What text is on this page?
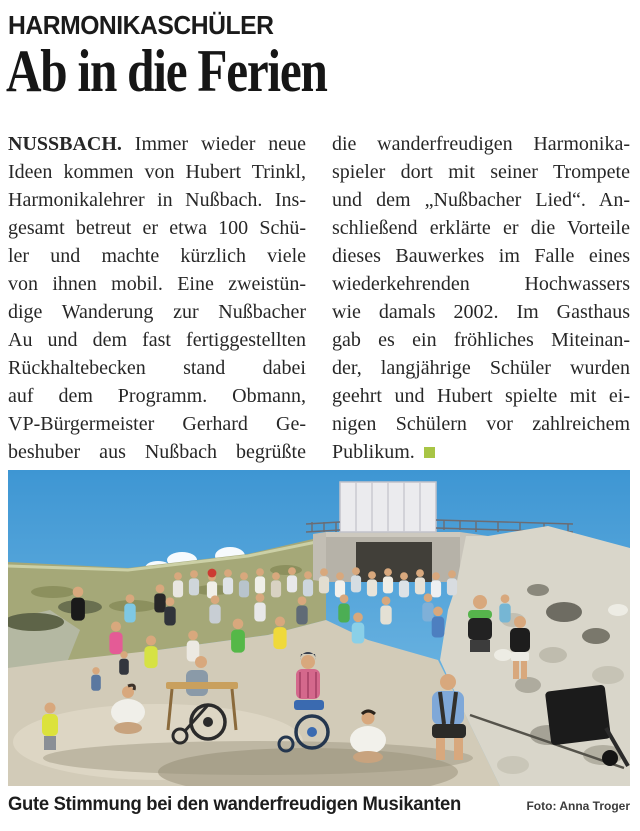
HARMONIKASCHÜLER
Ab in die Ferien
NUSSBACH. Immer wieder neue
Ideen kommen von Hubert Trinkl,
Harmonikalehrer in Nußbach. Ins-
gesamt betreut er etwa 100 Schü-
ler und machte kürzlich viele
von ihnen mobil. Eine zweistün-
dige Wanderung zur Nußbacher
Au und dem fast fertiggestellten
Rückhaltebecken stand dabei
auf dem Programm. Obmann,
VP-Bürgermeister Gerhard Ge-
beshuber aus Nußbach begrüßte
die wanderfreudigen Harmonika-
spieler dort mit seiner Trompete
und dem „Nußbacher Lied“. An-
schließend erklärte er die Vorteile
dieses Bauwerkes im Falle eines
wiederkehrenden Hochwassers
wie damals 2002. Im Gasthaus
gab es ein fröhliches Miteinan-
der, langjährige Schüler wurden
geehrt und Hubert spielte mit ei-
nigen Schülern vor zahlreichem
Publikum.
Gute Stimmung bei den wanderfreudigen Musikanten	Foto: Anna Troger
